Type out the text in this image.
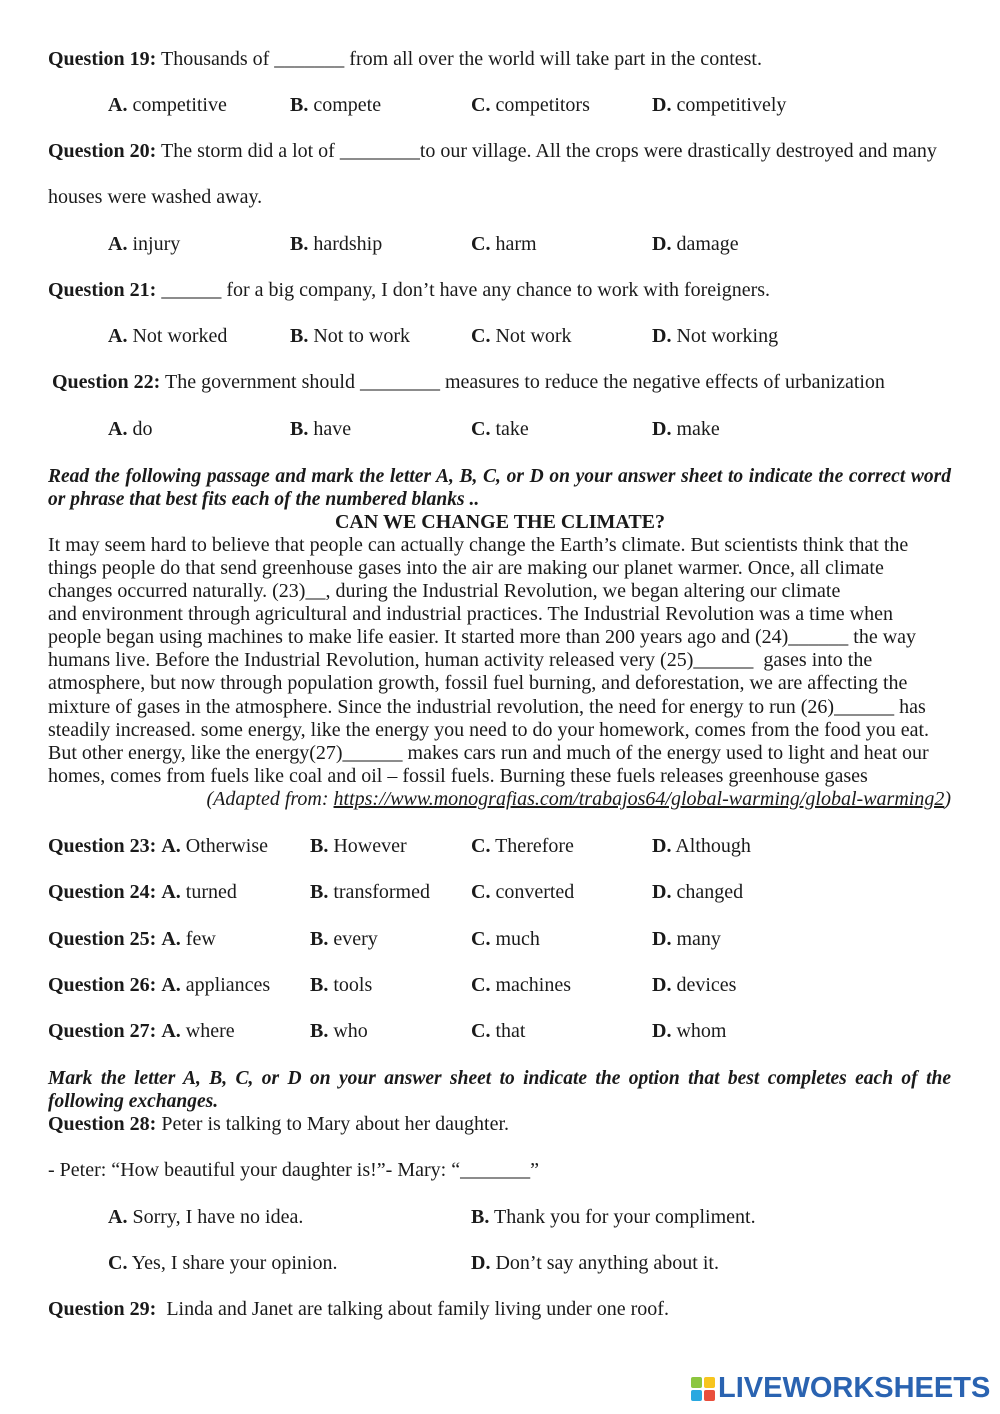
Question 19: Thousands of _______ from all over the world will take part in the contest.

A. competitive

	B. compete

	C. competitors

	D. competitively

Question 20: The storm did a lot of ________to our village. All the crops were drastically destroyed and many

houses were washed away.

A. injury

	B. hardship

	C. harm

	D. damage

Question 21: ______ for a big company, I don’t have any chance to work with foreigners.

A. Not worked

	B. Not to work

	C. Not work

	D. Not working

Question 22: The government should ________ measures to reduce the negative effects of urbanization

A. do

	B. have

	C. take

	D. make

Read the following passage and mark the letter A, B, C, or D on your answer sheet to indicate the correct word
or phrase that best fits each of the numbered blanks ..
CAN WE CHANGE THE CLIMATE?
It may seem hard to believe that people can actually change the Earth’s climate. But scientists think that the
things people do that send greenhouse gases into the air are making our planet warmer. Once, all climate
changes occurred naturally. (23)__, during the Industrial Revolution, we began altering our climate
and environment through agricultural and industrial practices. The Industrial Revolution was a time when
people began using machines to make life easier. It started more than 200 years ago and (24)______ the way
humans live. Before the Industrial Revolution, human activity released very (25)______  gases into the
atmosphere, but now through population growth, fossil fuel burning, and deforestation, we are affecting the
mixture of gases in the atmosphere. Since the industrial revolution, the need for energy to run (26)______ has
steadily increased. some energy, like the energy you need to do your homework, comes from the food you eat.
But other energy, like the energy(27)______ makes cars run and much of the energy used to light and heat our
homes, comes from fuels like coal and oil – fossil fuels. Burning these fuels releases greenhouse gases
(Adapted from: https://www.monografias.com/trabajos64/global-warming/global-warming2)

Question 23: A. Otherwise

B. However

	C. Therefore

	D. Although

Question 24: A. turned

	B. transformed

C. converted

	D. changed

Question 25: A. few

	B. every

	C. much

	D. many

Question 26: A. appliances

B. tools

	C. machines

	D. devices

Question 27: A. where

	B. who

	C. that

	D. whom

Mark the letter A, B, C, or D on your answer sheet to indicate the option that best completes each of the
following exchanges.

Question 28: Peter is talking to Mary about her daughter.

- Peter: “How beautiful your daughter is!”- Mary: “_______”

A. Sorry, I have no idea.

	B. Thank you for your compliment.

C. Yes, I share your opinion.

	D. Don’t say anything about it.

Question 29:  Linda and Janet are talking about family living under one roof.

LIVEWORKSHEETS
